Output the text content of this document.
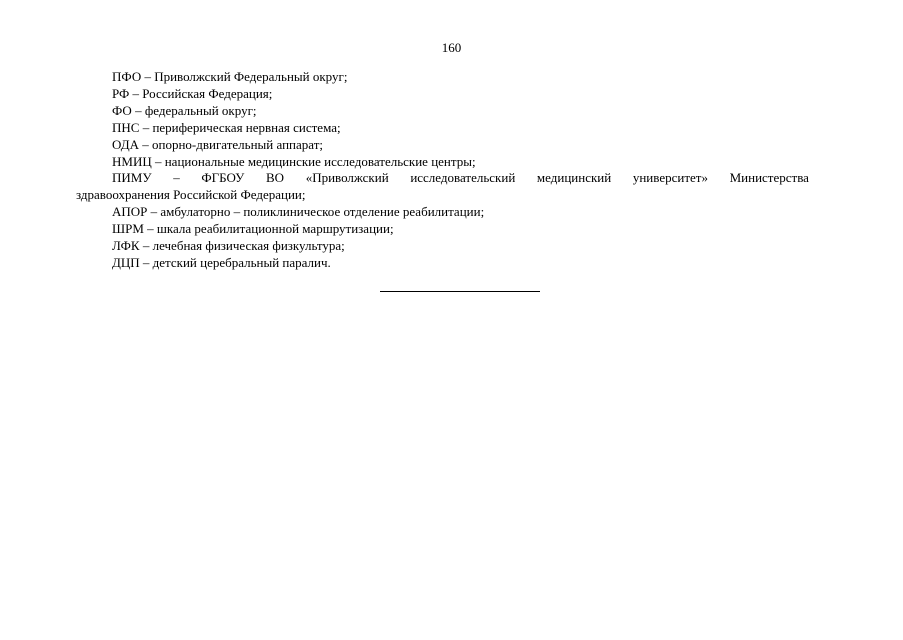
160

ПФО – Приволжский Федеральный округ;

РФ – Российская Федерация;

ФО – федеральный округ;

ПНС – периферическая нервная система;

ОДА – опорно-двигательный аппарат;

НМИЦ – национальные медицинские исследовательские центры;

ПИМУ – ФГБОУ ВО «Приволжский исследовательский медицинский университет» Министерства

здравоохранения Российской Федерации;

АПОР – амбулаторно – поликлиническое отделение реабилитации;

ШРМ – шкала реабилитационной маршрутизации;

ЛФК – лечебная физическая физкультура;

ДЦП – детский церебральный паралич.
